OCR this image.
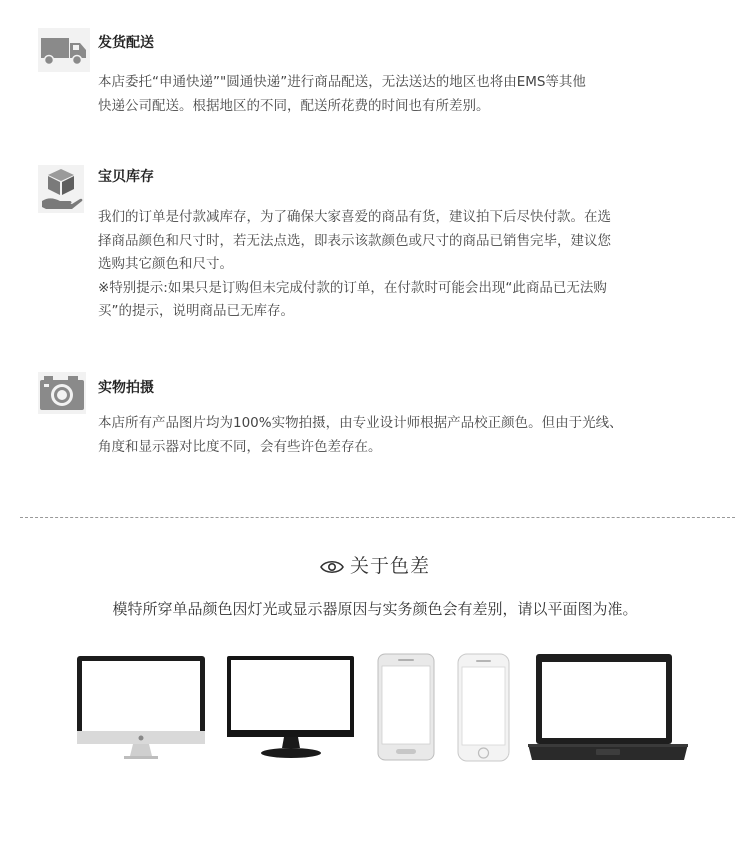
发货配送

本店委托“申通快递”"圆通快递”进行商品配送，无法送达的地区也将由EMS等其他

快递公司配送。根据地区的不同，配送所花费的时间也有所差别。

宝贝库存

我们的订单是付款减库存，为了确保大家喜爱的商品有货，建议拍下后尽快付款。在选

择商品颜色和尺寸时，若无法点选，即表示该款颜色或尺寸的商品已销售完毕，建议您

选购其它颜色和尺寸。

※特别提示:如果只是订购但未完成付款的订单，在付款时可能会出现“此商品已无法购

买”的提示，说明商品已无库存。

实物拍摄

本店所有产品图片均为100%实物拍摄，由专业设计师根据产品校正颜色。但由于光线、

角度和显示器对比度不同，会有些许色差存在。

关于色差
模特所穿单品颜色因灯光或显示器原因与实务颜色会有差别，请以平面图为准。
